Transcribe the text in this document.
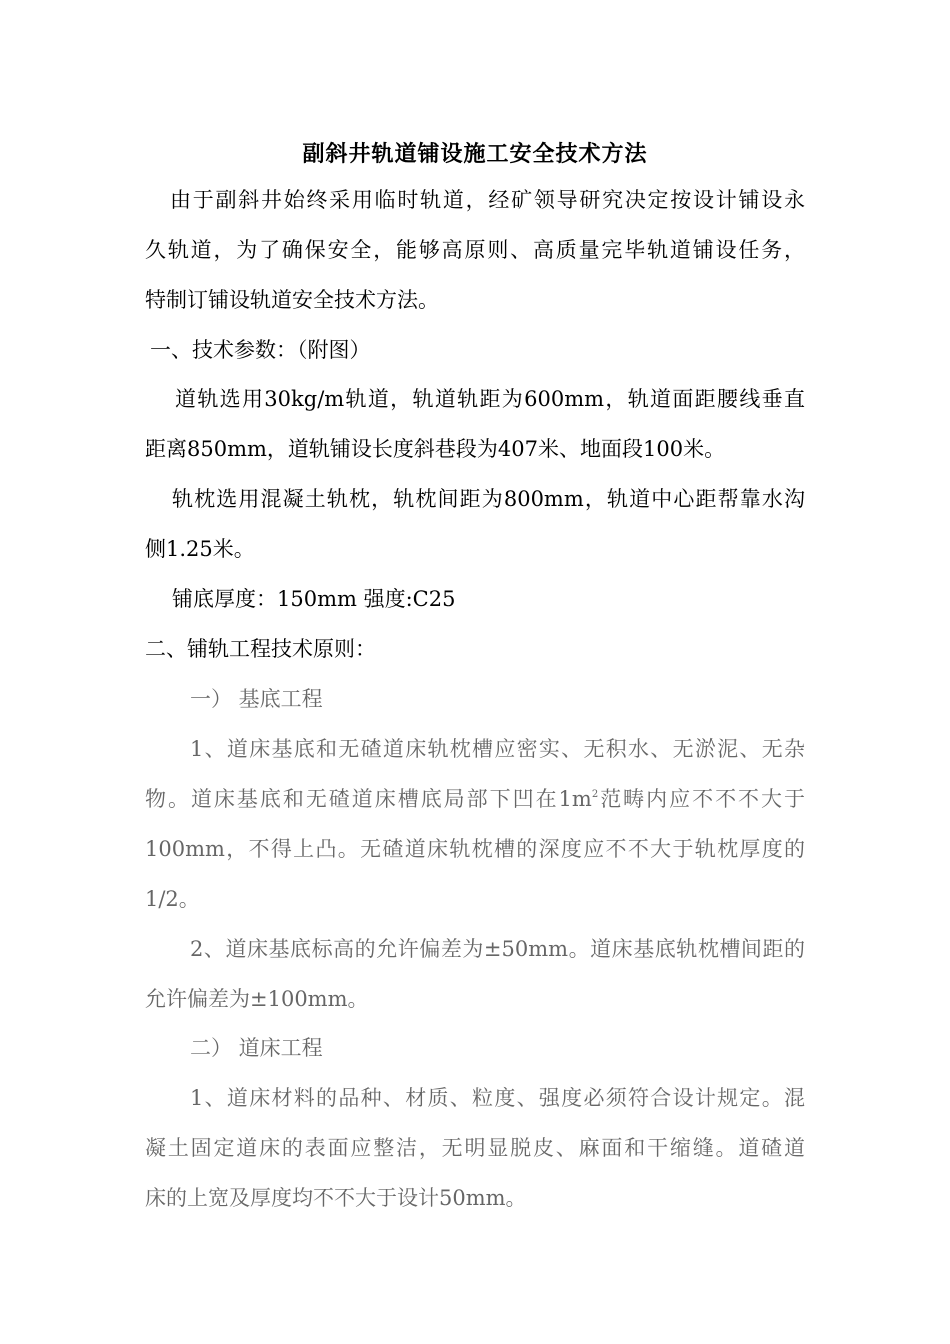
副斜井轨道铺设施工安全技术方法
由于副斜井始终采用临时轨道，经矿领导研究决定按设计铺设永
久轨道，为了确保安全，能够高原则、高质量完毕轨道铺设任务，
特制订铺设轨道安全技术方法。
一、技术参数：（附图）
道轨选用30kg/m轨道，轨道轨距为600mm，轨道面距腰线垂直
距离850mm，道轨铺设长度斜巷段为407米、地面段100米。
轨枕选用混凝土轨枕，轨枕间距为800mm，轨道中心距帮靠水沟
侧1.25米。
铺底厚度：150mm 强度:C25
二、铺轨工程技术原则：
一） 基底工程
1、道床基底和无碴道床轨枕槽应密实、无积水、无淤泥、无杂
物。道床基底和无碴道床槽底局部下凹在$1m^2$范畴内应不不不大于
100mm，不得上凸。无碴道床轨枕槽的深度应不不大于轨枕厚度的
1/2。
2、道床基底标高的允许偏差为±50mm。道床基底轨枕槽间距的
允许偏差为±100mm。
二） 道床工程
1、道床材料的品种、材质、粒度、强度必须符合设计规定。混
凝土固定道床的表面应整洁，无明显脱皮、麻面和干缩缝。道碴道
床的上宽及厚度均不不大于设计50mm。
